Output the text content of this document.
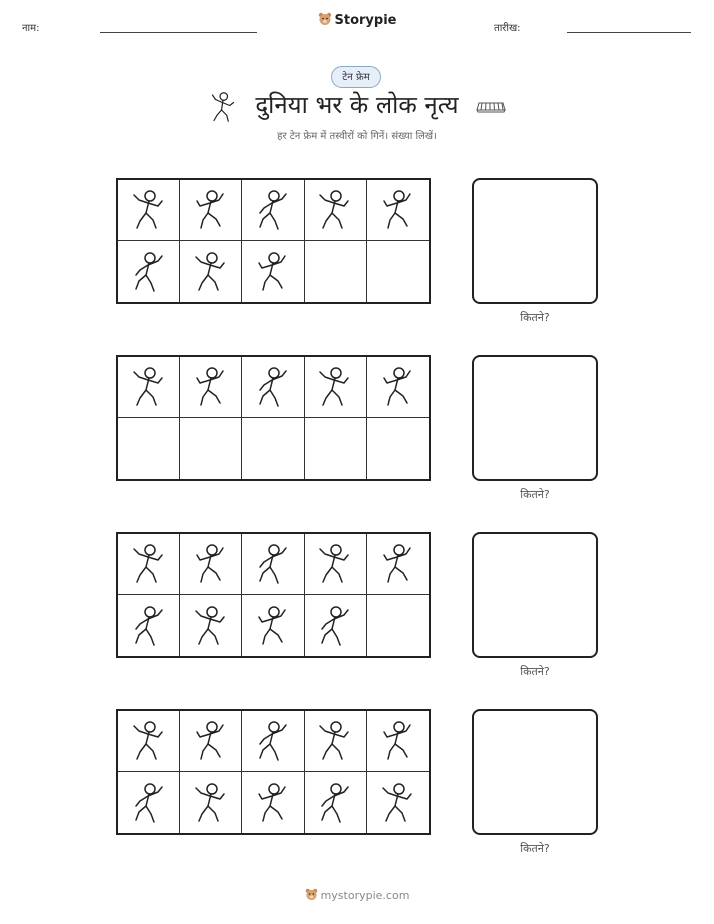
नाम:
Storypie
तारीख:
टेन फ्रेम
दुनिया भर के लोक नृत्य
हर टेन फ्रेम में तस्वीरों को गिनें। संख्या लिखें।
कितने?
कितने?
कितने?
कितने?
mystorypie.com
